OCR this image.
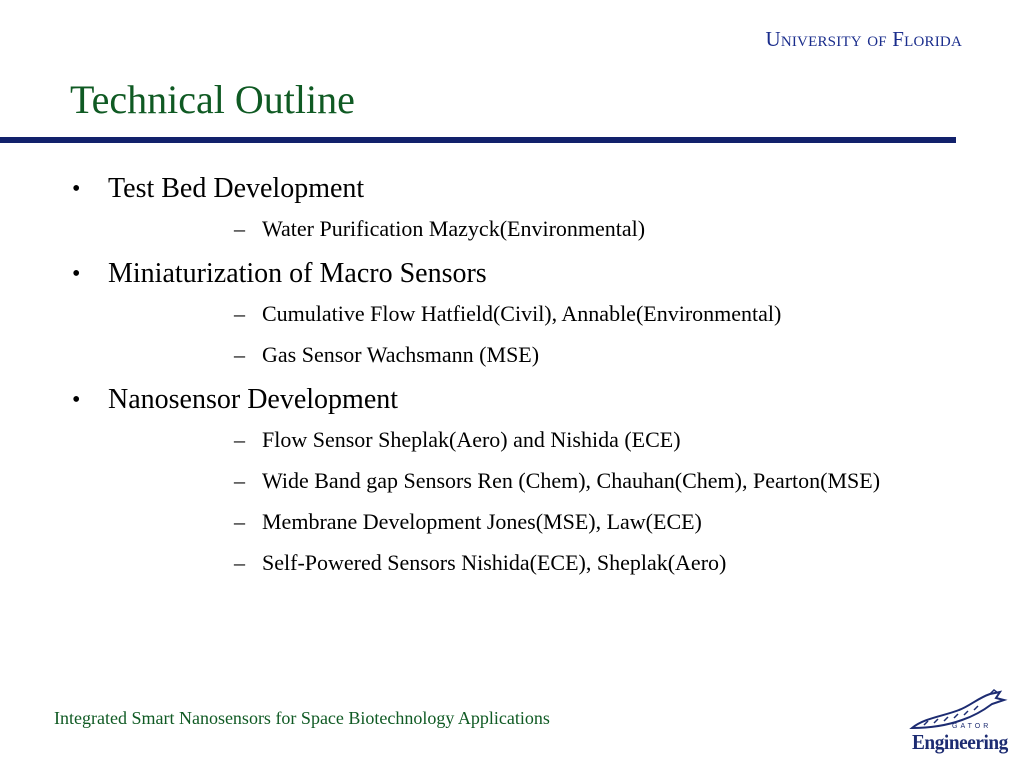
University of Florida
Technical Outline
• Test Bed Development
– Water Purification Mazyck(Environmental)
• Miniaturization of Macro Sensors
– Cumulative Flow Hatfield(Civil), Annable(Environmental)
– Gas Sensor Wachsmann (MSE)
• Nanosensor Development
– Flow Sensor Sheplak(Aero) and Nishida (ECE)
– Wide Band gap Sensors Ren (Chem), Chauhan(Chem), Pearton(MSE)
– Membrane Development Jones(MSE), Law(ECE)
– Self-Powered Sensors Nishida(ECE), Sheplak(Aero)
Integrated Smart Nanosensors for Space Biotechnology Applications	GATOR
Engineering
